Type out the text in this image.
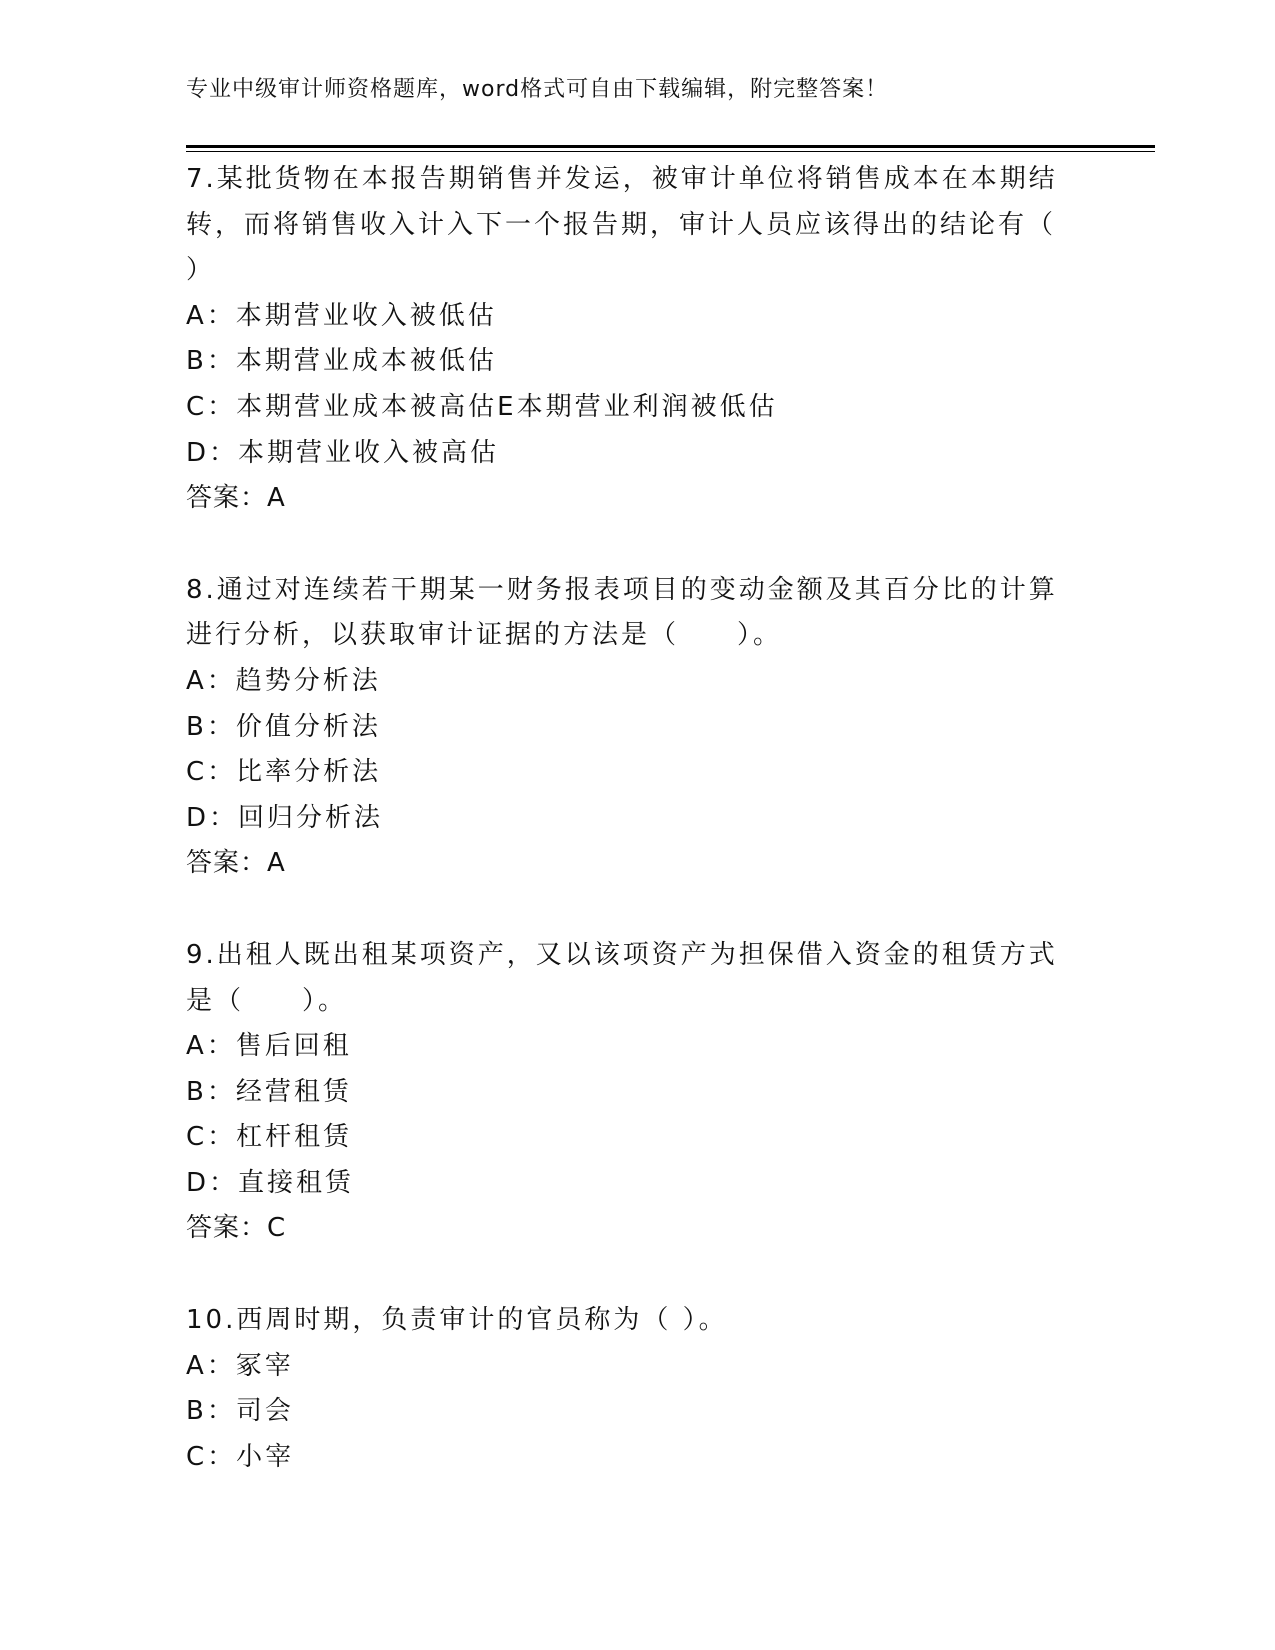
专业中级审计师资格题库，word格式可自由下载编辑，附完整答案！
7.某批货物在本报告期销售并发运，被审计单位将销售成本在本期结
转，而将销售收入计入下一个报告期，审计人员应该得出的结论有（
）
A：本期营业收入被低估
B：本期营业成本被低估
C：本期营业成本被高估E本期营业利润被低估
D：本期营业收入被高估
答案：A
8.通过对连续若干期某一财务报表项目的变动金额及其百分比的计算
进行分析，以获取审计证据的方法是（　　）。
A：趋势分析法
B：价值分析法
C：比率分析法
D：回归分析法
答案：A
9.出租人既出租某项资产，又以该项资产为担保借入资金的租赁方式
是（　　）。
A：售后回租
B：经营租赁
C：杠杆租赁
D：直接租赁
答案：C
10.西周时期，负责审计的官员称为（ ）。
A：冢宰
B：司会
C：小宰
